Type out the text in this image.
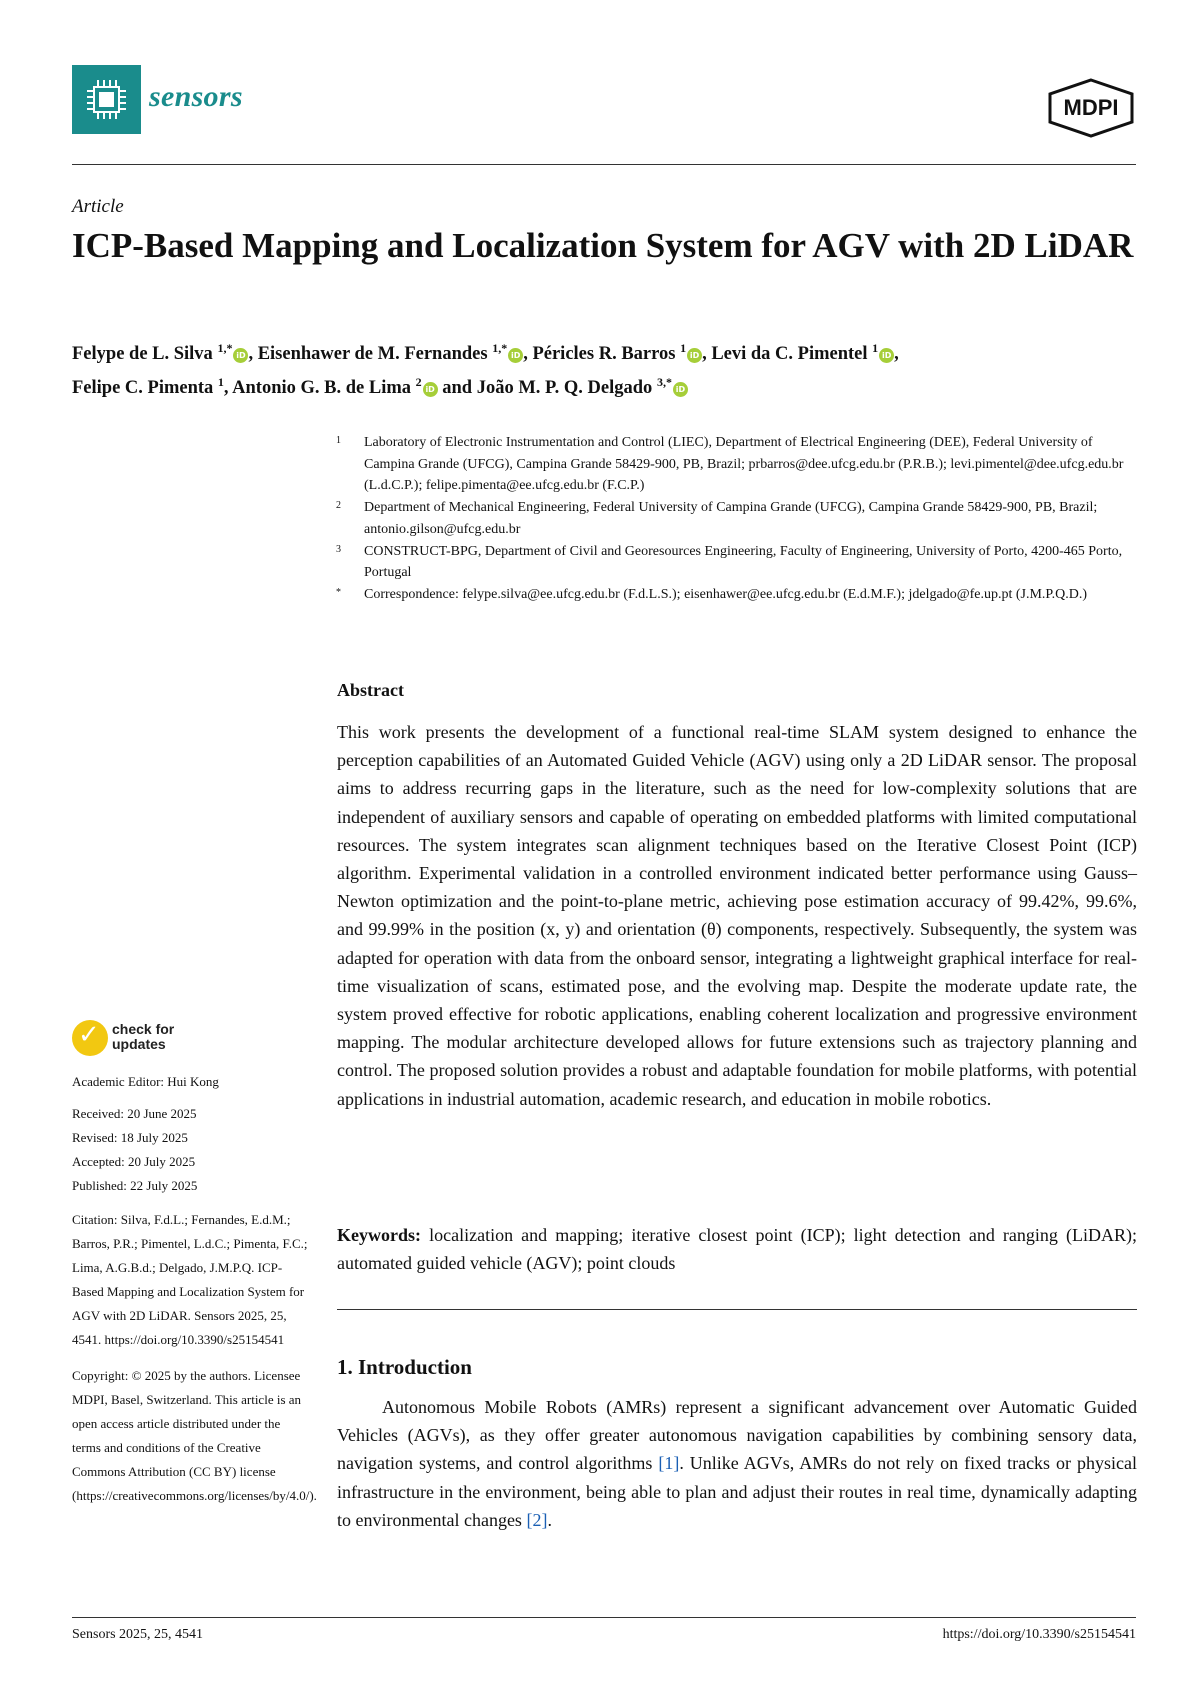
sensors	MDPI
Article
ICP-Based Mapping and Localization System for AGV with 2D LiDAR
Felype de L. Silva $^{1,*}$iD , Eisenhawer de M. Fernandes $^{1,*}$iD , Péricles R. Barros $^1$iD , Levi da C. Pimentel $^1$iD ,
Felipe C. Pimenta $^1$, Antonio G. B. de Lima $^2$iD and João M. P. Q. Delgado $^{3,*}$iD
1 Laboratory of Electronic Instrumentation and Control (LIEC), Department of Electrical Engineering (DEE), Federal University of Campina Grande (UFCG), Campina Grande 58429-900, PB, Brazil; prbarros@dee.ufcg.edu.br (P.R.B.); levi.pimentel@dee.ufcg.edu.br (L.d.C.P.); felipe.pimenta@ee.ufcg.edu.br (F.C.P.)
2 Department of Mechanical Engineering, Federal University of Campina Grande (UFCG), Campina Grande 58429-900, PB, Brazil; antonio.gilson@ufcg.edu.br
3 CONSTRUCT-BPG, Department of Civil and Georesources Engineering, Faculty of Engineering, University of Porto, 4200-465 Porto, Portugal
* Correspondence: felype.silva@ee.ufcg.edu.br (F.d.L.S.); eisenhawer@ee.ufcg.edu.br (E.d.M.F.); jdelgado@fe.up.pt (J.M.P.Q.D.)
Abstract
This work presents the development of a functional real-time SLAM system designed to enhance the perception capabilities of an Automated Guided Vehicle (AGV) using only a 2D LiDAR sensor. The proposal aims to address recurring gaps in the literature, such as the need for low-complexity solutions that are independent of auxiliary sensors and capable of operating on embedded platforms with limited computational resources. The system integrates scan alignment techniques based on the Iterative Closest Point (ICP) algorithm. Experimental validation in a controlled environment indicated better performance using Gauss–Newton optimization and the point-to-plane metric, achieving pose estimation accuracy of 99.42%, 99.6%, and 99.99% in the position (x, y) and orientation (θ) components, respectively. Subsequently, the system was adapted for operation with data from the onboard sensor, integrating a lightweight graphical interface for real-time visualization of scans, estimated pose, and the evolving map. Despite the moderate update rate, the system proved effective for robotic applications, enabling coherent localization and progressive environment mapping. The modular architecture developed allows for future extensions such as trajectory planning and control. The proposed solution provides a robust and adaptable foundation for mobile platforms, with potential applications in industrial automation, academic research, and education in mobile robotics.
Keywords: localization and mapping; iterative closest point (ICP); light detection and ranging (LiDAR); automated guided vehicle (AGV); point clouds
1. Introduction
Autonomous Mobile Robots (AMRs) represent a significant advancement over Automatic Guided Vehicles (AGVs), as they offer greater autonomous navigation capabilities by combining sensory data, navigation systems, and control algorithms [1]. Unlike AGVs, AMRs do not rely on fixed tracks or physical infrastructure in the environment, being able to plan and adjust their routes in real time, dynamically adapting to environmental changes [2].
✓ check for updates
Academic Editor: Hui Kong
Received: 20 June 2025
Revised: 18 July 2025
Accepted: 20 July 2025
Published: 22 July 2025
Citation: Silva, F.d.L.; Fernandes, E.d.M.; Barros, P.R.; Pimentel, L.d.C.; Pimenta, F.C.; Lima, A.G.B.d.; Delgado, J.M.P.Q. ICP-Based Mapping and Localization System for AGV with 2D LiDAR. Sensors 2025, 25, 4541. https://doi.org/10.3390/s25154541
Copyright: © 2025 by the authors. Licensee MDPI, Basel, Switzerland. This article is an open access article distributed under the terms and conditions of the Creative Commons Attribution (CC BY) license (https://creativecommons.org/licenses/by/4.0/).
Sensors 2025, 25, 4541	https://doi.org/10.3390/s25154541
